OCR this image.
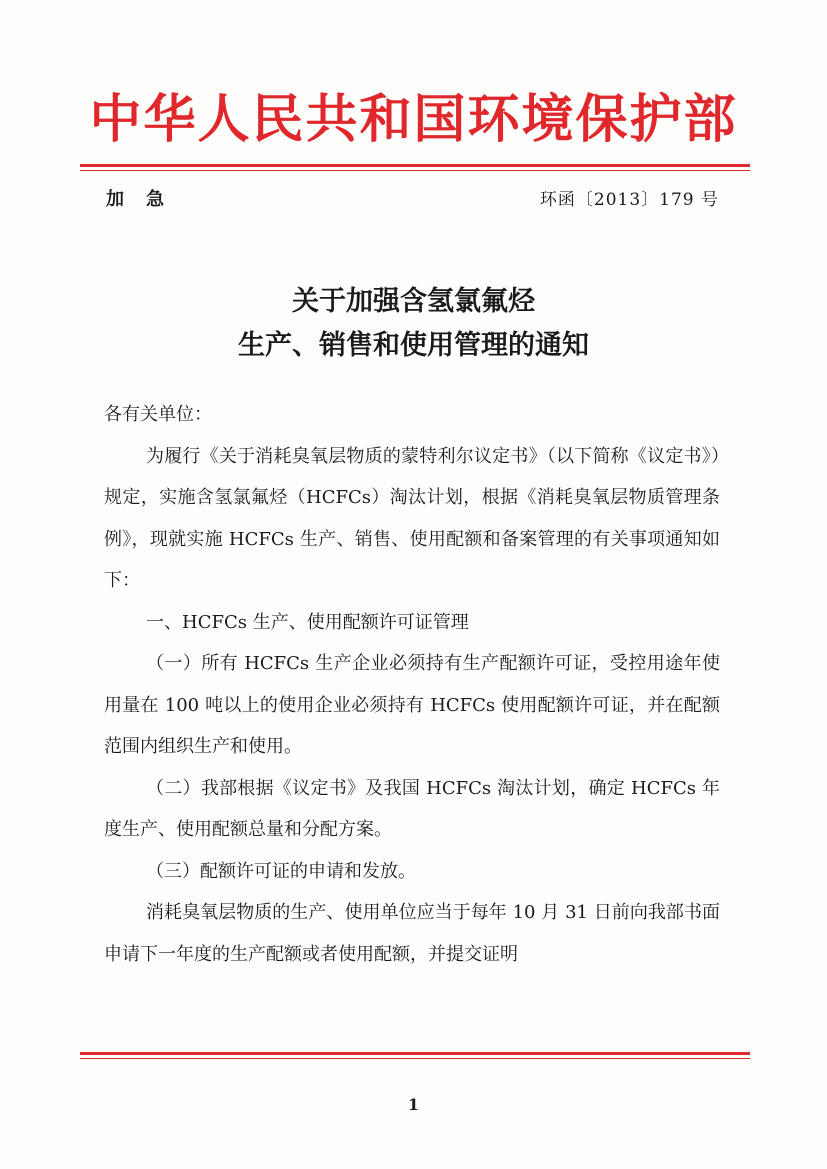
中华人民共和国环境保护部
加急	环函〔2013〕179 号
关于加强含氢氯氟烃
生产、销售和使用管理的通知

各有关单位：

为履行《关于消耗臭氧层物质的蒙特利尔议定书》（以下简称《议定书》）规定，实施含氢氯氟烃（HCFCs）淘汰计划，根据《消耗臭氧层物质管理条例》，现就实施 HCFCs 生产、销售、使用配额和备案管理的有关事项通知如下：

一、HCFCs 生产、使用配额许可证管理

（一）所有 HCFCs 生产企业必须持有生产配额许可证，受控用途年使用量在 100 吨以上的使用企业必须持有 HCFCs 使用配额许可证，并在配额范围内组织生产和使用。

（二）我部根据《议定书》及我国 HCFCs 淘汰计划，确定 HCFCs 年度生产、使用配额总量和分配方案。

（三）配额许可证的申请和发放。

消耗臭氧层物质的生产、使用单位应当于每年 10 月 31 日前向我部书面申请下一年度的生产配额或者使用配额，并提交证明

1
